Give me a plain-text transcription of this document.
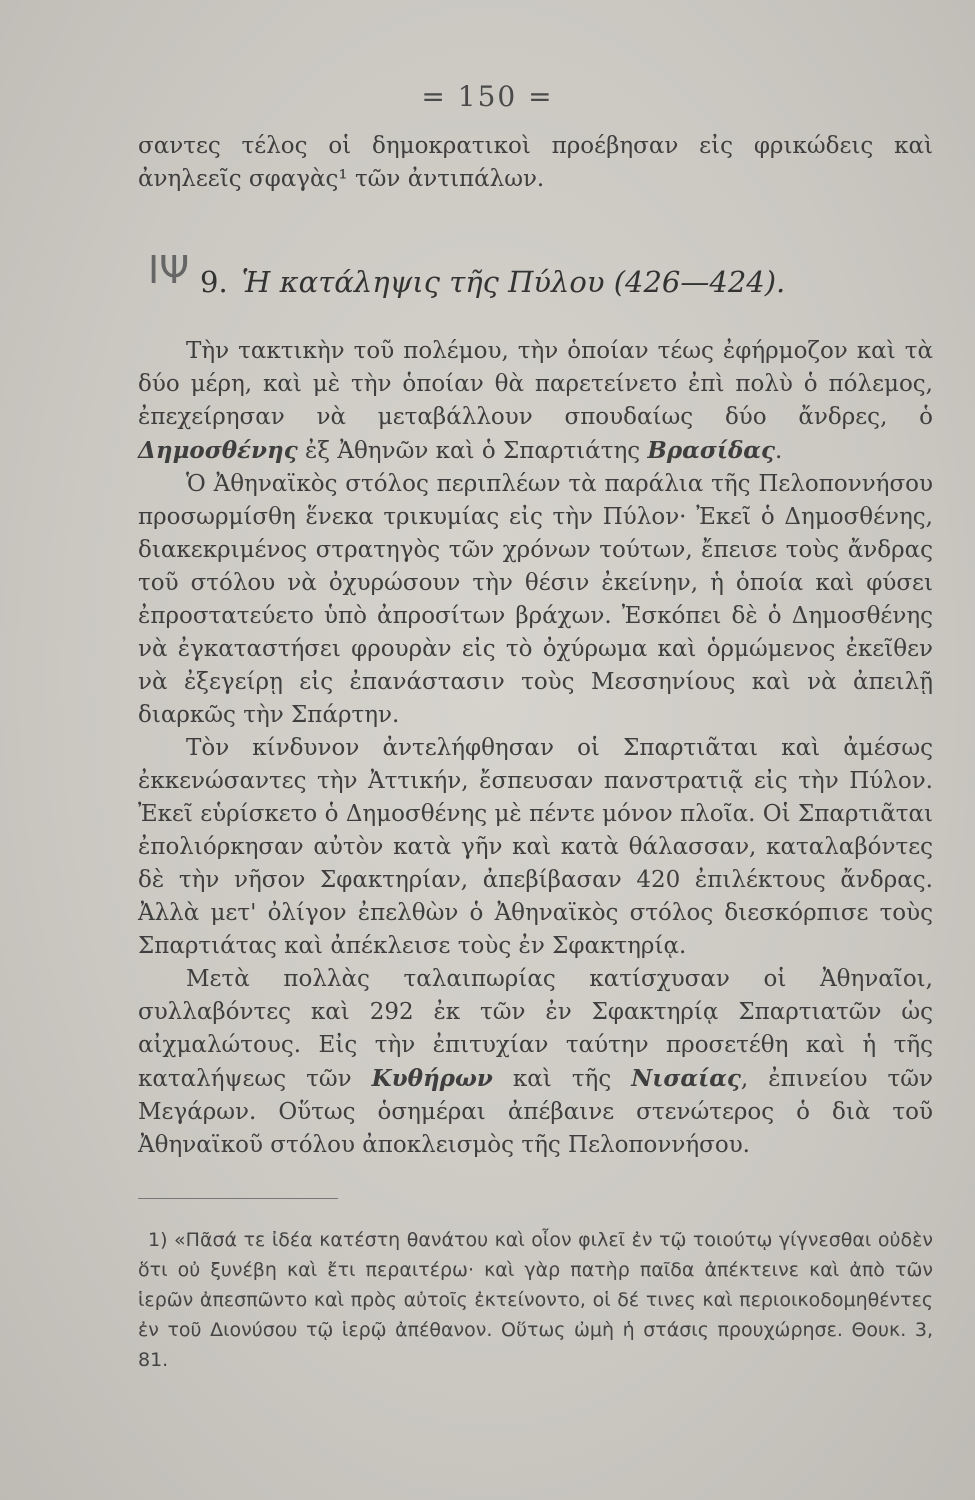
= 150 =

σαντες τέλος οἱ δημοκρατικοὶ προέβησαν εἰς φρικώδεις καὶ ἀνηλεεῖς σφαγὰς¹ τῶν ἀντιπάλων.

ΙΨ 9. Ἡ κατάληψις τῆς Πύλου (426—424).

Τὴν τακτικὴν τοῦ πολέμου, τὴν ὁποίαν τέως ἐφήρμοζον καὶ τὰ δύο μέρη, καὶ μὲ τὴν ὁποίαν θὰ παρετείνετο ἐπὶ πολὺ ὁ πόλεμος, ἐπεχείρησαν νὰ μεταβάλλουν σπουδαίως δύο ἄνδρες, ὁ Δημοσθένης ἐξ Ἀθηνῶν καὶ ὁ Σπαρτιάτης Βρασίδας.

Ὁ Ἀθηναϊκὸς στόλος περιπλέων τὰ παράλια τῆς Πελοποννήσου προσωρμίσθη ἕνεκα τρικυμίας εἰς τὴν Πύλον· Ἐκεῖ ὁ Δημοσθένης, διακεκριμένος στρατηγὸς τῶν χρόνων τούτων, ἔπεισε τοὺς ἄνδρας τοῦ στόλου νὰ ὀχυρώσουν τὴν θέσιν ἐκείνην, ἡ ὁποία καὶ φύσει ἐπροστατεύετο ὑπὸ ἀπροσίτων βράχων. Ἐσκόπει δὲ ὁ Δημοσθένης νὰ ἐγκαταστήσει φρουρὰν εἰς τὸ ὀχύρωμα καὶ ὁρμώμενος ἐκεῖθεν νὰ ἐξεγείρῃ εἰς ἐπανάστασιν τοὺς Μεσσηνίους καὶ νὰ ἀπειλῇ διαρκῶς τὴν Σπάρτην.

Τὸν κίνδυνον ἀντελήφθησαν οἱ Σπαρτιᾶται καὶ ἀμέσως ἐκκενώσαντες τὴν Ἀττικήν, ἔσπευσαν πανστρατιᾷ εἰς τὴν Πύλον. Ἐκεῖ εὑρίσκετο ὁ Δημοσθένης μὲ πέντε μόνον πλοῖα. Οἱ Σπαρτιᾶται ἐπολιόρκησαν αὐτὸν κατὰ γῆν καὶ κατὰ θάλασσαν, καταλαβόντες δὲ τὴν νῆσον Σφακτηρίαν, ἀπεβίβασαν 420 ἐπιλέκτους ἄνδρας. Ἀλλὰ μετ' ὀλίγον ἐπελθὼν ὁ Ἀθηναϊκὸς στόλος διεσκόρπισε τοὺς Σπαρτιάτας καὶ ἀπέκλεισε τοὺς ἐν Σφακτηρίᾳ.

Μετὰ πολλὰς ταλαιπωρίας κατίσχυσαν οἱ Ἀθηναῖοι, συλλαβόντες καὶ 292 ἐκ τῶν ἐν Σφακτηρίᾳ Σπαρτιατῶν ὡς αἰχμαλώτους. Εἰς τὴν ἐπιτυχίαν ταύτην προσετέθη καὶ ἡ τῆς καταλήψεως τῶν Κυθήρων καὶ τῆς Νισαίας, ἐπινείου τῶν Μεγάρων. Οὕτως ὁσημέραι ἀπέβαινε στενώτερος ὁ διὰ τοῦ Ἀθηναϊκοῦ στόλου ἀποκλεισμὸς τῆς Πελοποννήσου.

1) «Πᾶσά τε ἰδέα κατέστη θανάτου καὶ οἷον φιλεῖ ἐν τῷ τοιούτῳ γίγνεσθαι οὐδὲν ὅτι οὐ ξυνέβη καὶ ἔτι περαιτέρω· καὶ γὰρ πατὴρ παῖδα ἀπέκτεινε καὶ ἀπὸ τῶν ἱερῶν ἀπεσπῶντο καὶ πρὸς αὐτοῖς ἐκτείνοντο, οἱ δέ τινες καὶ περιοικοδομηθέντες ἐν τοῦ Διονύσου τῷ ἱερῷ ἀπέθανον. Οὕτως ὠμὴ ἡ στάσις προυχώρησε. Θουκ. 3, 81.
